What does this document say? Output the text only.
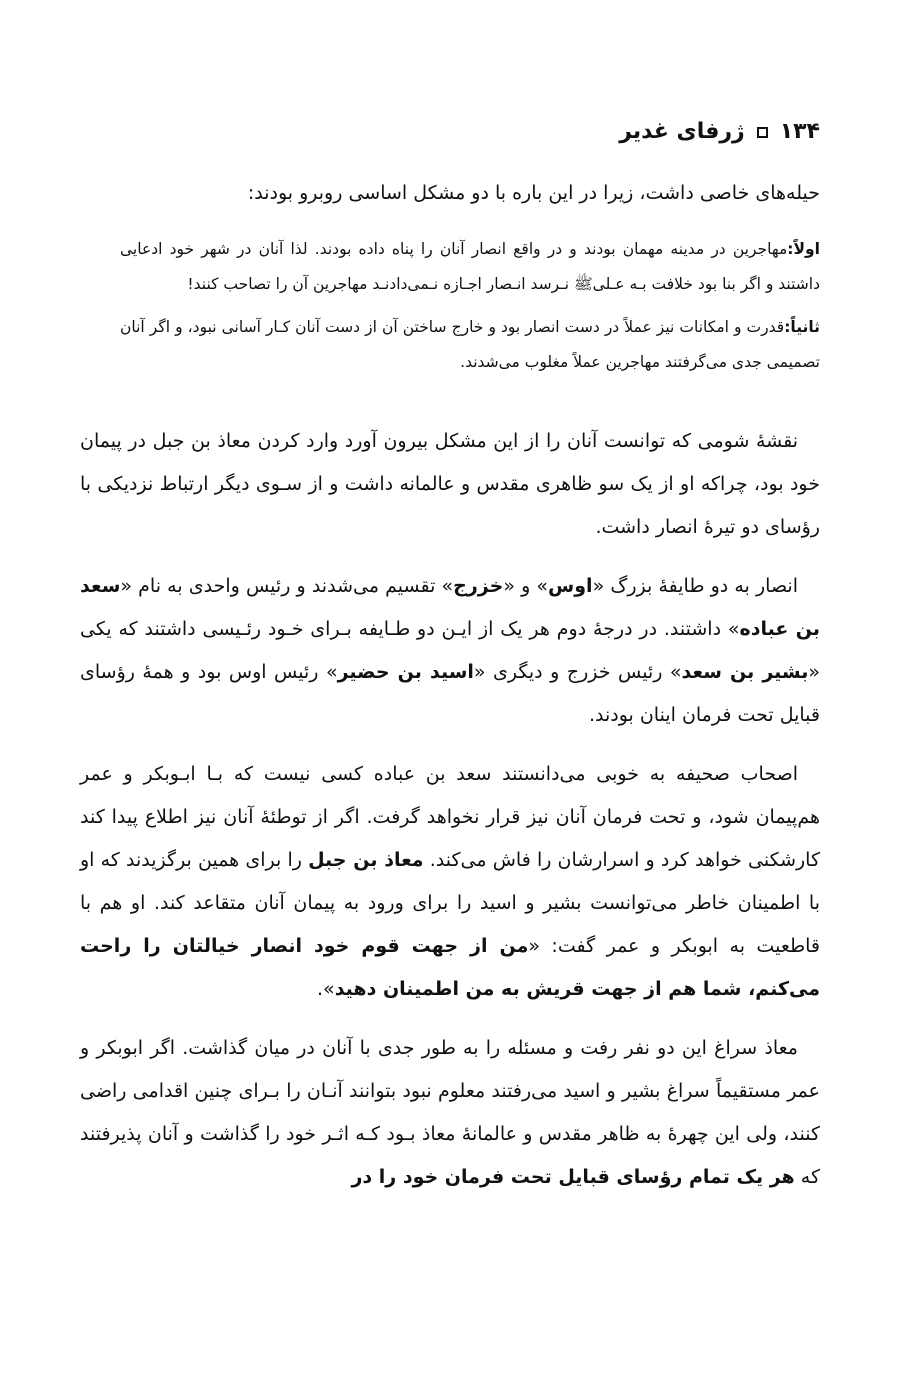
۱۳۴
ژرفای غدیر

حیله‌های خاصی داشت، زیرا در این باره با دو مشکل اساسی روبرو بودند:

اولاً:مهاجرین در مدینه مهمان بودند و در واقع انصار آنان را پناه داده بودند. لذا آنان در شهر خود ادعایی داشتند و اگر بنا بود خلافت بـه عـلی‌ﷺ نـرسد انـصار اجـازه نـمی‌دادنـد مهاجرین آن را تصاحب کنند!

ثانیاً:قدرت و امکانات نیز عملاً در دست انصار بود و خارج ساختن آن از دست آنان کـار آسانی نبود، و اگر آنان تصمیمی جدی می‌گرفتند مهاجرین عملاً مغلوب می‌شدند.

نقشهٔ شومی که توانست آنان را از این مشکل بیرون آورد وارد کردن معاذ بن جبل در پیمان خود بود، چراکه او از یک سو ظاهری مقدس و عالمانه داشت و از سـوی دیگر ارتباط نزدیکی با رؤسای دو تیرهٔ انصار داشت.

انصار به دو طایفهٔ بزرگ «اوس» و «خزرج» تقسیم می‌شدند و رئیس واحدی به نام «سعد بن عباده» داشتند. در درجهٔ دوم هر یک از ایـن دو طـایفه بـرای خـود رئـیسی داشتند که یکی «بشیر بن سعد» رئیس خزرج و دیگری «اسید بن حضیر» رئیس اوس بود و همهٔ رؤسای قبایل تحت فرمان اینان بودند.

اصحاب صحیفه به خوبی می‌دانستند سعد بن عباده کسی نیست که بـا ابـوبکر و عمر هم‌پیمان شود، و تحت فرمان آنان نیز قرار نخواهد گرفت. اگر از توطئهٔ آنان نیز اطلاع پیدا کند کارشکنی خواهد کرد و اسرارشان را فاش می‌کند. معاذ بن جبل را برای همین برگزیدند که او با اطمینان خاطر می‌توانست بشیر و اسید را برای ورود به پیمان آنان متقاعد کند. او هم با قاطعیت به ابوبکر و عمر گفت: «من از جهت قوم خود انصار خیالتان را راحت می‌کنم، شما هم از جهت قریش به من اطمینان دهید».

معاذ سراغ این دو نفر رفت و مسئله را به طور جدی با آنان در میان گذاشت. اگر ابوبکر و عمر مستقیماً سراغ بشیر و اسید می‌رفتند معلوم نبود بتوانند آنـان را بـرای چنین اقدامی راضی کنند، ولی این چهرهٔ به ظاهر مقدس و عالمانهٔ معاذ بـود کـه اثـر خود را گذاشت و آنان پذیرفتند که هر یک تمام رؤسای قبایل تحت فرمان خود را در
